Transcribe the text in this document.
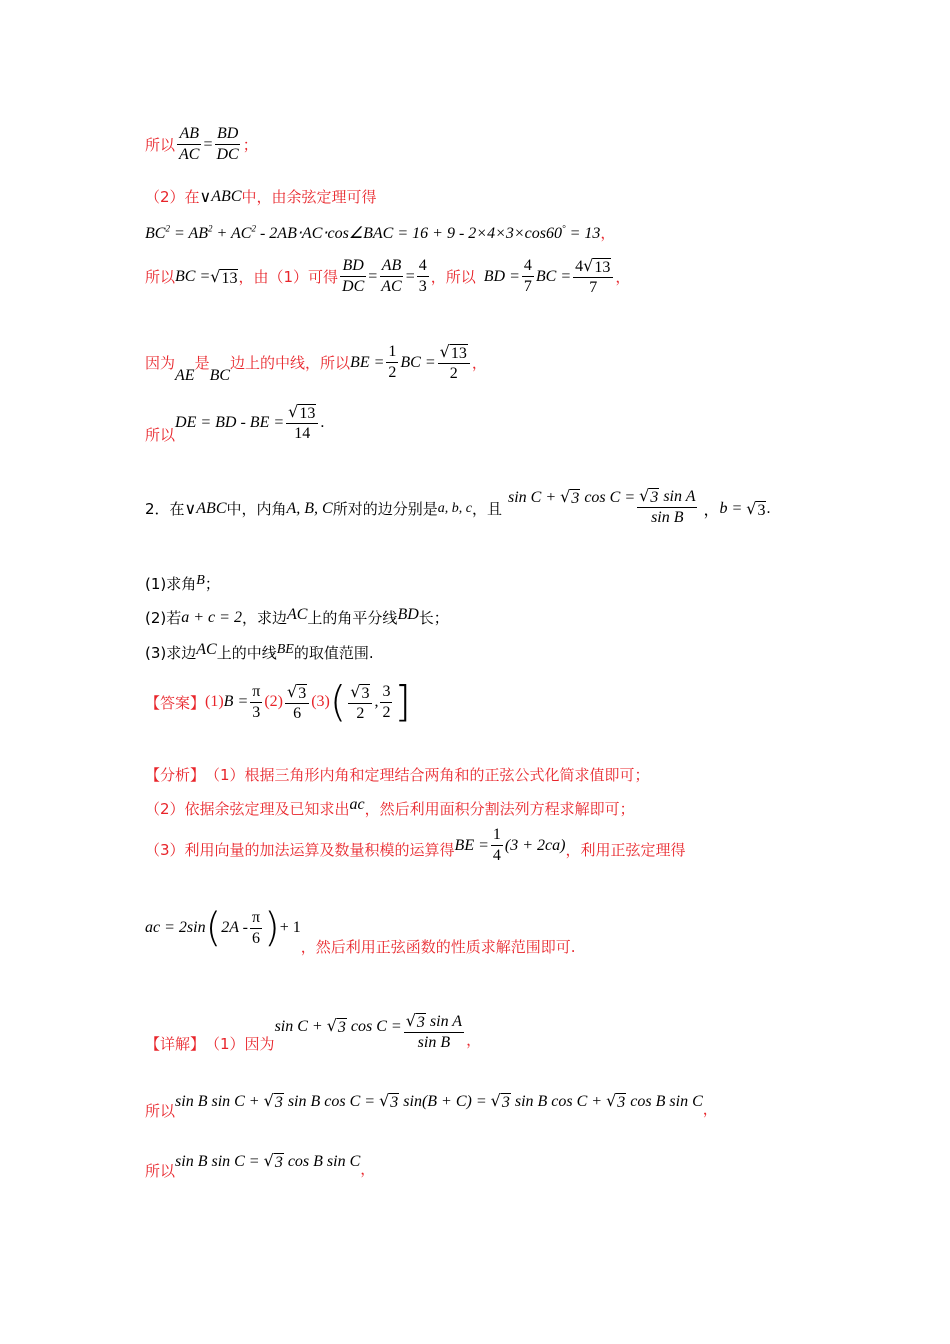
所以 $\frac{AB}{AC} = \frac{BD}{DC}$ ；
（2）在 ∨ ABC 中，由余弦定理可得
$BC^2 = AB^2 + AC^2$ - 2AB⋅AC⋅cos∠BAC = 16 + 9 - 2×4×3×cos60° = 13 ，
所以 BC = √ 13 ，由（1）可得 $\frac{BD}{DC} = \frac{AB}{AC} = \frac{4}{3}$ ，所以 BD = $\frac{4}{7}$ BC = $\frac{4 √ 13}{7}$ ，
因为
AE
是
BC
边上的中线，所以 BE = $\frac{1}{2}$ BC = $\frac{√ 13}{2}$ ，
所以
DE = BD - BE = $\frac{√ 13}{14}$ .
2．在 ∨ ABC 中，内角 A, B, C 所对的边分别是 a, b, c ，且
sin C + √ 3 $\cos C = \frac{\text{√ 3 sin A}}{\text{sin B}}$ ， b = √ 3 .
(1)求角 B ；
(2)若 a + c = 2 ，求边 AC 上的角平分线 BD 长；
(3)求边 AC 上的中线 BE 的取值范围.
【答案】 (1) $B = \frac{\pi}{3} (2) \frac{√ 3}{6} (3)$ ( $\frac{√ 3}{2}$ , $\frac{3}{2}$ ]
【分析】 （1）根据三角形内角和定理结合两角和的正弦公式化简求值即可；
（2）依据余弦定理及已知求出 ac ，然后利用面积分割法列方程求解即可；
（3）利用向量的加法运算及数量积模的运算得 BE = $\frac{1}{4} (3 + 2ca)$ ，利用正弦定理得
ac = 2sin ( $2A - \frac{\pi}{6}$ ) + 1
，然后利用正弦函数的性质求解范围即可.
【详解】 （1）因为
sin C + √ 3 $\cos C = \frac{\text{√ 3 sin A}}{\text{sin B}}$ ，
所以
sin B sin C + √ 3 sin B cos C = √ 3 sin(B + C) = √ 3 sin B cos C + √ 3 cos B sin C ，
所以
sin B sin C = √ 3 cos B sin C ，
